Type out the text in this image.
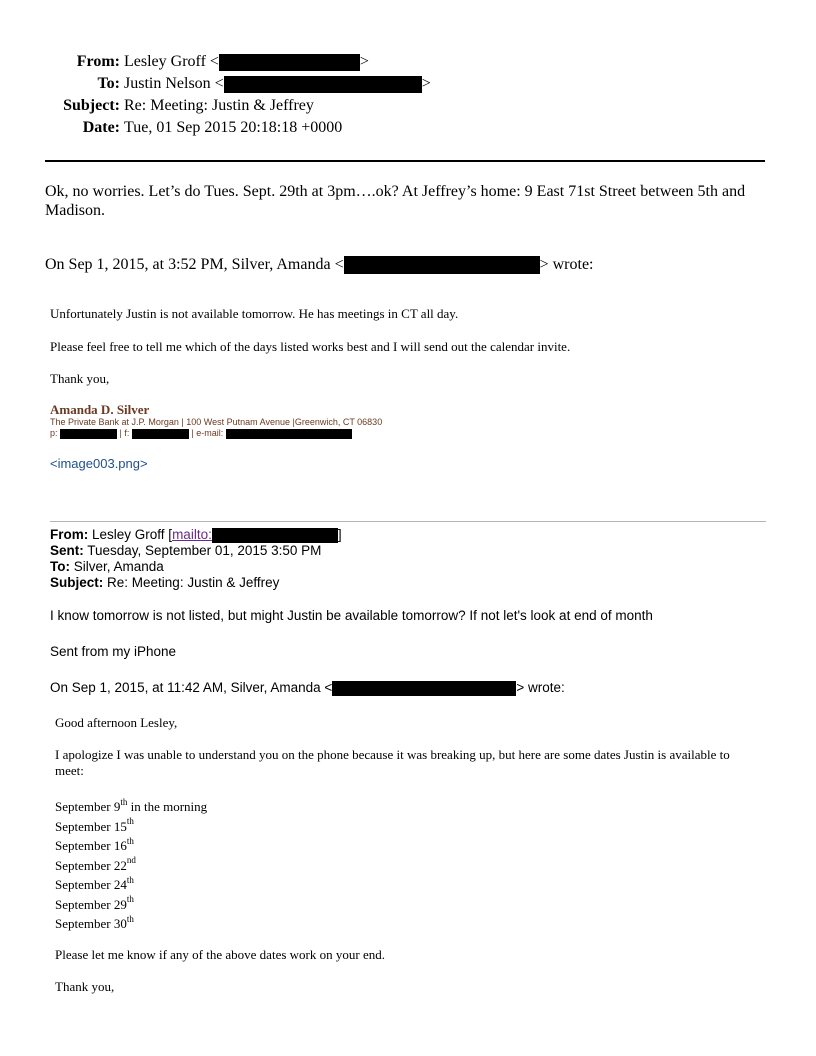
From: Lesley Groff <	>
To: Justin Nelson <	>
Subject: Re: Meeting: Justin & Jeffrey
Date: Tue, 01 Sep 2015 20:18:18 +0000
Ok, no worries. Let’s do Tues. Sept. 29th at 3pm….ok? At Jeffrey’s home: 9 East 71st Street between 5th and Madison.
On Sep 1, 2015, at 3:52 PM, Silver, Amanda <	> wrote:
Unfortunately Justin is not available tomorrow. He has meetings in CT all day.
Please feel free to tell me which of the days listed works best and I will send out the calendar invite.
Thank you,
Amanda D. Silver
The Private Bank at J.P. Morgan | 100 West Putnam Avenue |Greenwich, CT 06830
p:	| f:	| e-mail:
<image003.png>
From: Lesley Groff [mailto:	]
Sent: Tuesday, September 01, 2015 3:50 PM
To: Silver, Amanda
Subject: Re: Meeting: Justin & Jeffrey
I know tomorrow is not listed, but might Justin be available tomorrow? If not let's look at end of month
Sent from my iPhone
On Sep 1, 2015, at 11:42 AM, Silver, Amanda <	> wrote:
Good afternoon Lesley,
I apologize I was unable to understand you on the phone because it was breaking up, but here are some dates Justin is available to meet:
September 9th in the morning
September 15th
September 16th
September 22nd
September 24th
September 29th
September 30th
Please let me know if any of the above dates work on your end.
Thank you,
